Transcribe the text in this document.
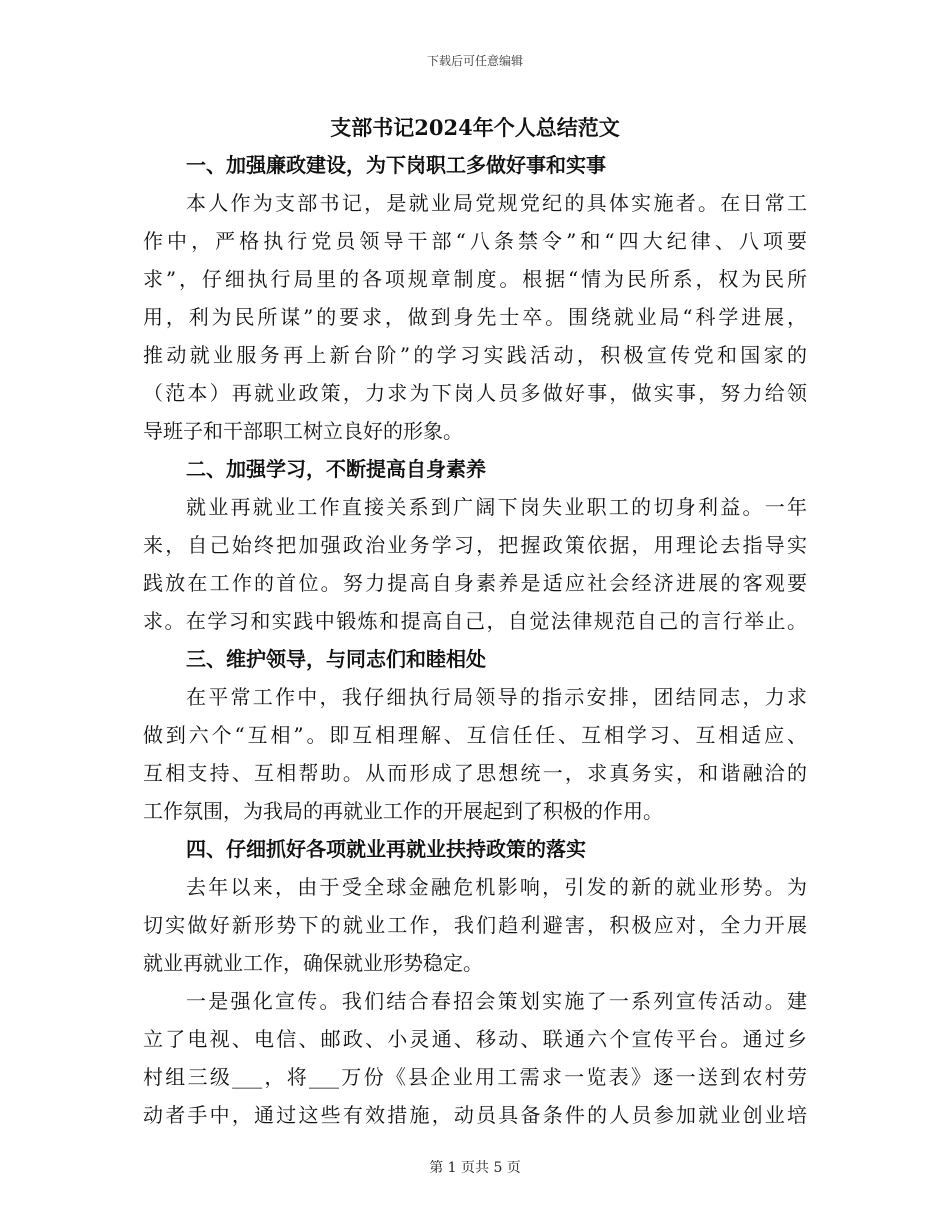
下载后可任意编辑
支部书记2024年个人总结范文
一、加强廉政建设，为下岗职工多做好事和实事
本人作为支部书记，是就业局党规党纪的具体实施者。在日常工
作中，严格执行党员领导干部“八条禁令”和“四大纪律、八项要
求”，仔细执行局里的各项规章制度。根据“情为民所系，权为民所
用，利为民所谋”的要求，做到身先士卒。围绕就业局“科学进展，
推动就业服务再上新台阶”的学习实践活动，积极宣传党和国家的
（范本）再就业政策，力求为下岗人员多做好事，做实事，努力给领
导班子和干部职工树立良好的形象。
二、加强学习，不断提高自身素养
就业再就业工作直接关系到广阔下岗失业职工的切身利益。一年
来，自己始终把加强政治业务学习，把握政策依据，用理论去指导实
践放在工作的首位。努力提高自身素养是适应社会经济进展的客观要
求。在学习和实践中锻炼和提高自己，自觉法律规范自己的言行举止。
三、维护领导，与同志们和睦相处
在平常工作中，我仔细执行局领导的指示安排，团结同志，力求
做到六个“互相”。即互相理解、互信任任、互相学习、互相适应、
互相支持、互相帮助。从而形成了思想统一，求真务实，和谐融洽的
工作氛围，为我局的再就业工作的开展起到了积极的作用。
四、仔细抓好各项就业再就业扶持政策的落实
去年以来，由于受全球金融危机影响，引发的新的就业形势。为
切实做好新形势下的就业工作，我们趋利避害，积极应对，全力开展
就业再就业工作，确保就业形势稳定。
一是强化宣传。我们结合春招会策划实施了一系列宣传活动。建
立了电视、电信、邮政、小灵通、移动、联通六个宣传平台。通过乡
村组三级___，将___万份《县企业用工需求一览表》逐一送到农村劳
动者手中，通过这些有效措施，动员具备条件的人员参加就业创业培
第 1 页共 5 页
